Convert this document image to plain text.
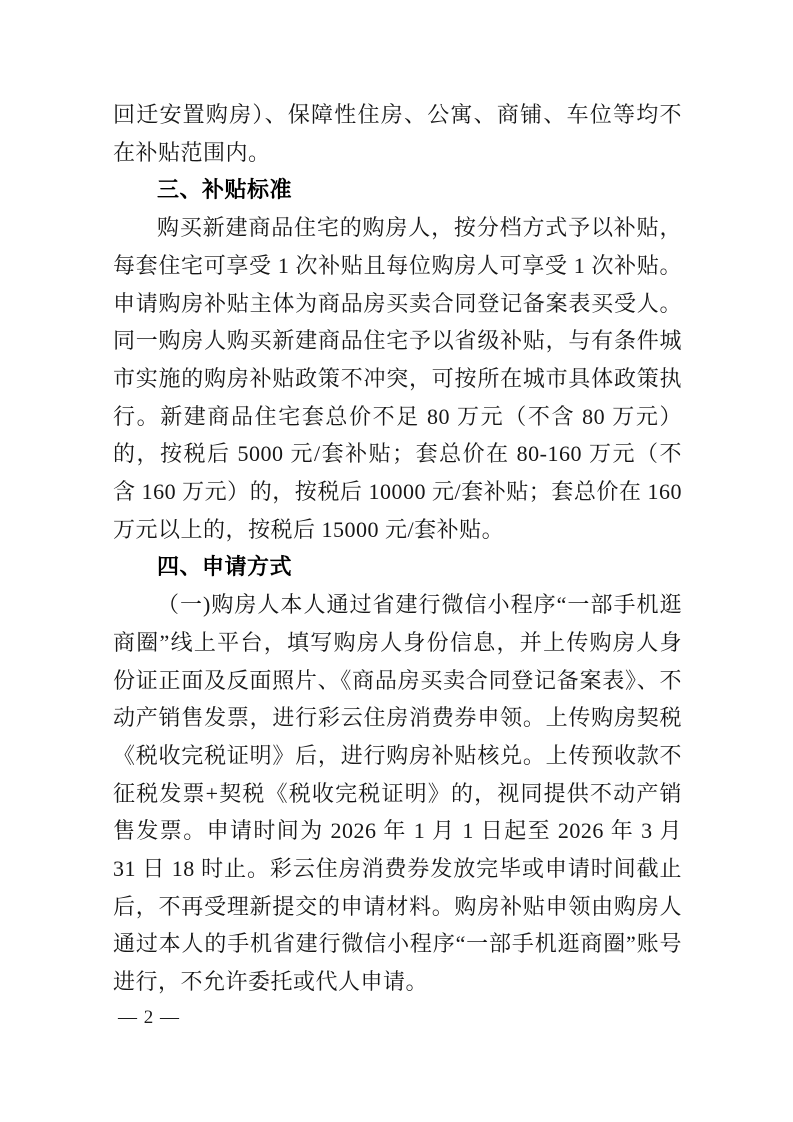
回迁安置购房）、保障性住房、公寓、商铺、车位等均不在补贴范围内。

三、补贴标准

购买新建商品住宅的购房人，按分档方式予以补贴，每套住宅可享受 1 次补贴且每位购房人可享受 1 次补贴。申请购房补贴主体为商品房买卖合同登记备案表买受人。同一购房人购买新建商品住宅予以省级补贴，与有条件城市实施的购房补贴政策不冲突，可按所在城市具体政策执行。新建商品住宅套总价不足 80 万元（不含 80 万元）的，按税后 5000 元/套补贴；套总价在 80-160 万元（不含 160 万元）的，按税后 10000 元/套补贴；套总价在 160 万元以上的，按税后 15000 元/套补贴。

四、申请方式

（一)购房人本人通过省建行微信小程序“一部手机逛商圈”线上平台，填写购房人身份信息，并上传购房人身份证正面及反面照片、《商品房买卖合同登记备案表》、不动产销售发票，进行彩云住房消费券申领。上传购房契税《税收完税证明》后，进行购房补贴核兑。上传预收款不征税发票+契税《税收完税证明》的，视同提供不动产销售发票。申请时间为 2026 年 1 月 1 日起至 2026 年 3 月 31 日 18 时止。彩云住房消费券发放完毕或申请时间截止后，不再受理新提交的申请材料。购房补贴申领由购房人通过本人的手机省建行微信小程序“一部手机逛商圈”账号进行，不允许委托或代人申请。

— 2 —
